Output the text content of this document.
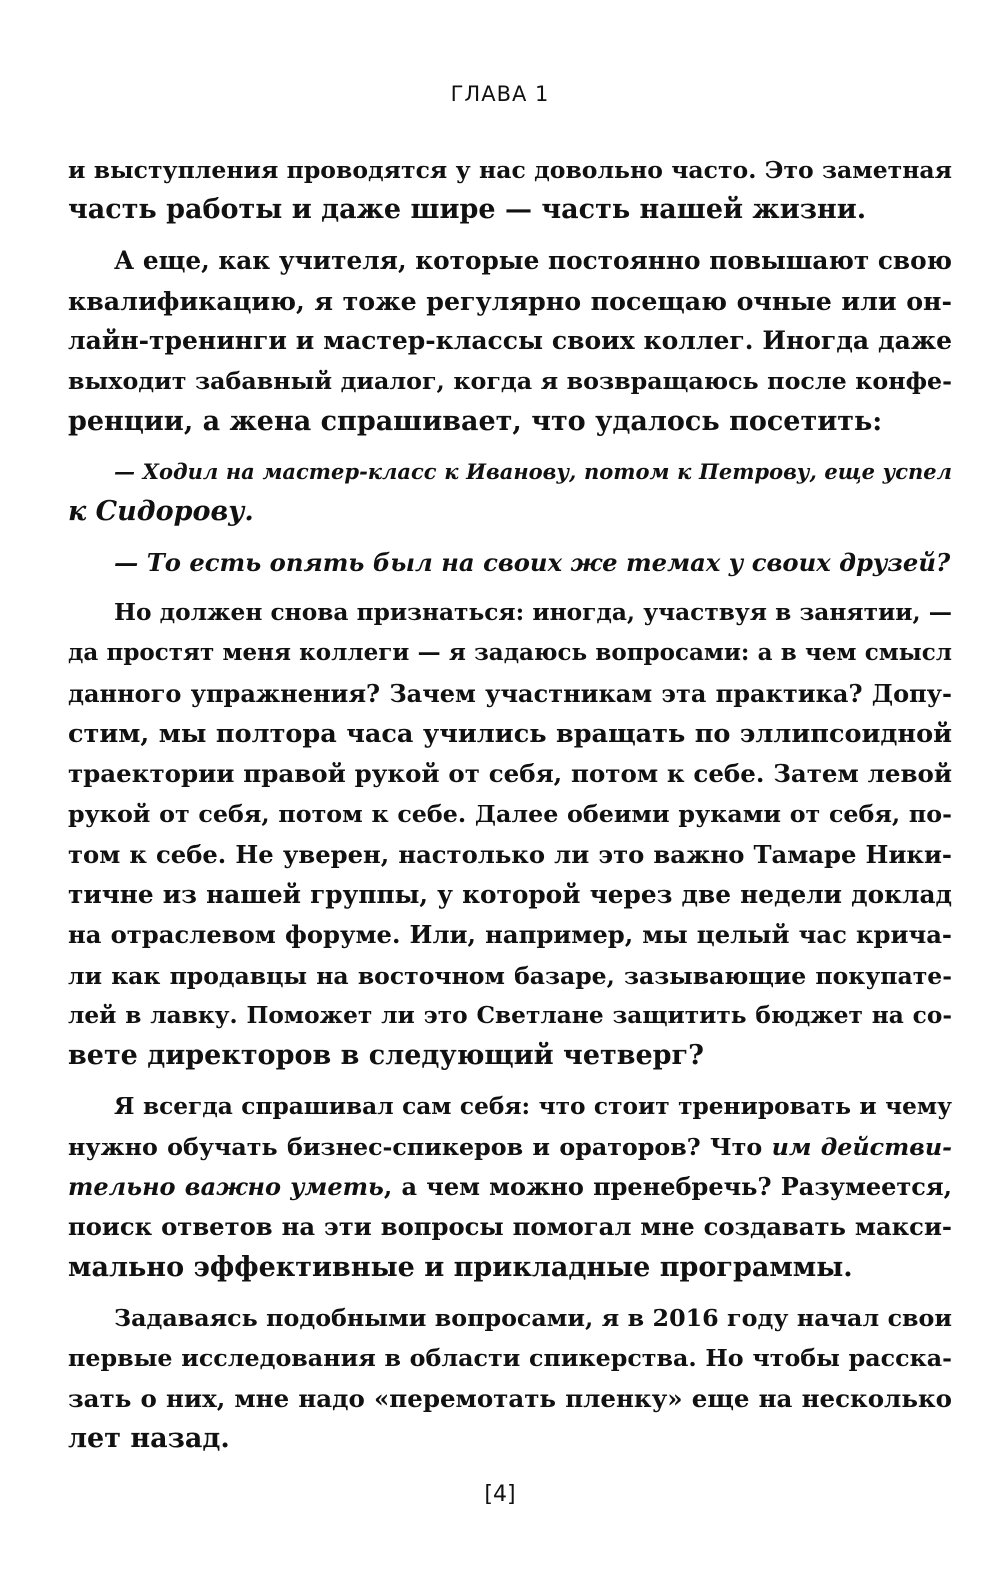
ГЛАВА 1

и выступления проводятся у нас довольно часто. Это заметная
часть работы и даже шире — часть нашей жизни.

А еще, как учителя, которые постоянно повышают свою
квалификацию, я тоже регулярно посещаю очные или он-
лайн-тренинги и мастер-классы своих коллег. Иногда даже
выходит забавный диалог, когда я возвращаюсь после конфе-
ренции, а жена спрашивает, что удалось посетить:

— Ходил на мастер-класс к Иванову, потом к Петрову, еще успел
к Сидорову.

— То есть опять был на своих же темах у своих друзей?

Но должен снова признаться: иногда, участвуя в занятии, —
да простят меня коллеги — я задаюсь вопросами: а в чем смысл
данного упражнения? Зачем участникам эта практика? Допу-
стим, мы полтора часа учились вращать по эллипсоидной
траектории правой рукой от себя, потом к себе. Затем левой
рукой от себя, потом к себе. Далее обеими руками от себя, по-
том к себе. Не уверен, настолько ли это важно Тамаре Ники-
тичне из нашей группы, у которой через две недели доклад
на отраслевом форуме. Или, например, мы целый час крича-
ли как продавцы на восточном базаре, зазывающие покупате-
лей в лавку. Поможет ли это Светлане защитить бюджет на со-
вете директоров в следующий четверг?

Я всегда спрашивал сам себя: что стоит тренировать и чему
нужно обучать бизнес-спикеров и ораторов? Что им действи-
тельно важно уметь, а чем можно пренебречь? Разумеется,
поиск ответов на эти вопросы помогал мне создавать макси-
мально эффективные и прикладные программы.

Задаваясь подобными вопросами, я в 2016 году начал свои
первые исследования в области спикерства. Но чтобы расска-
зать о них, мне надо «перемотать пленку» еще на несколько
лет назад.

[4]
